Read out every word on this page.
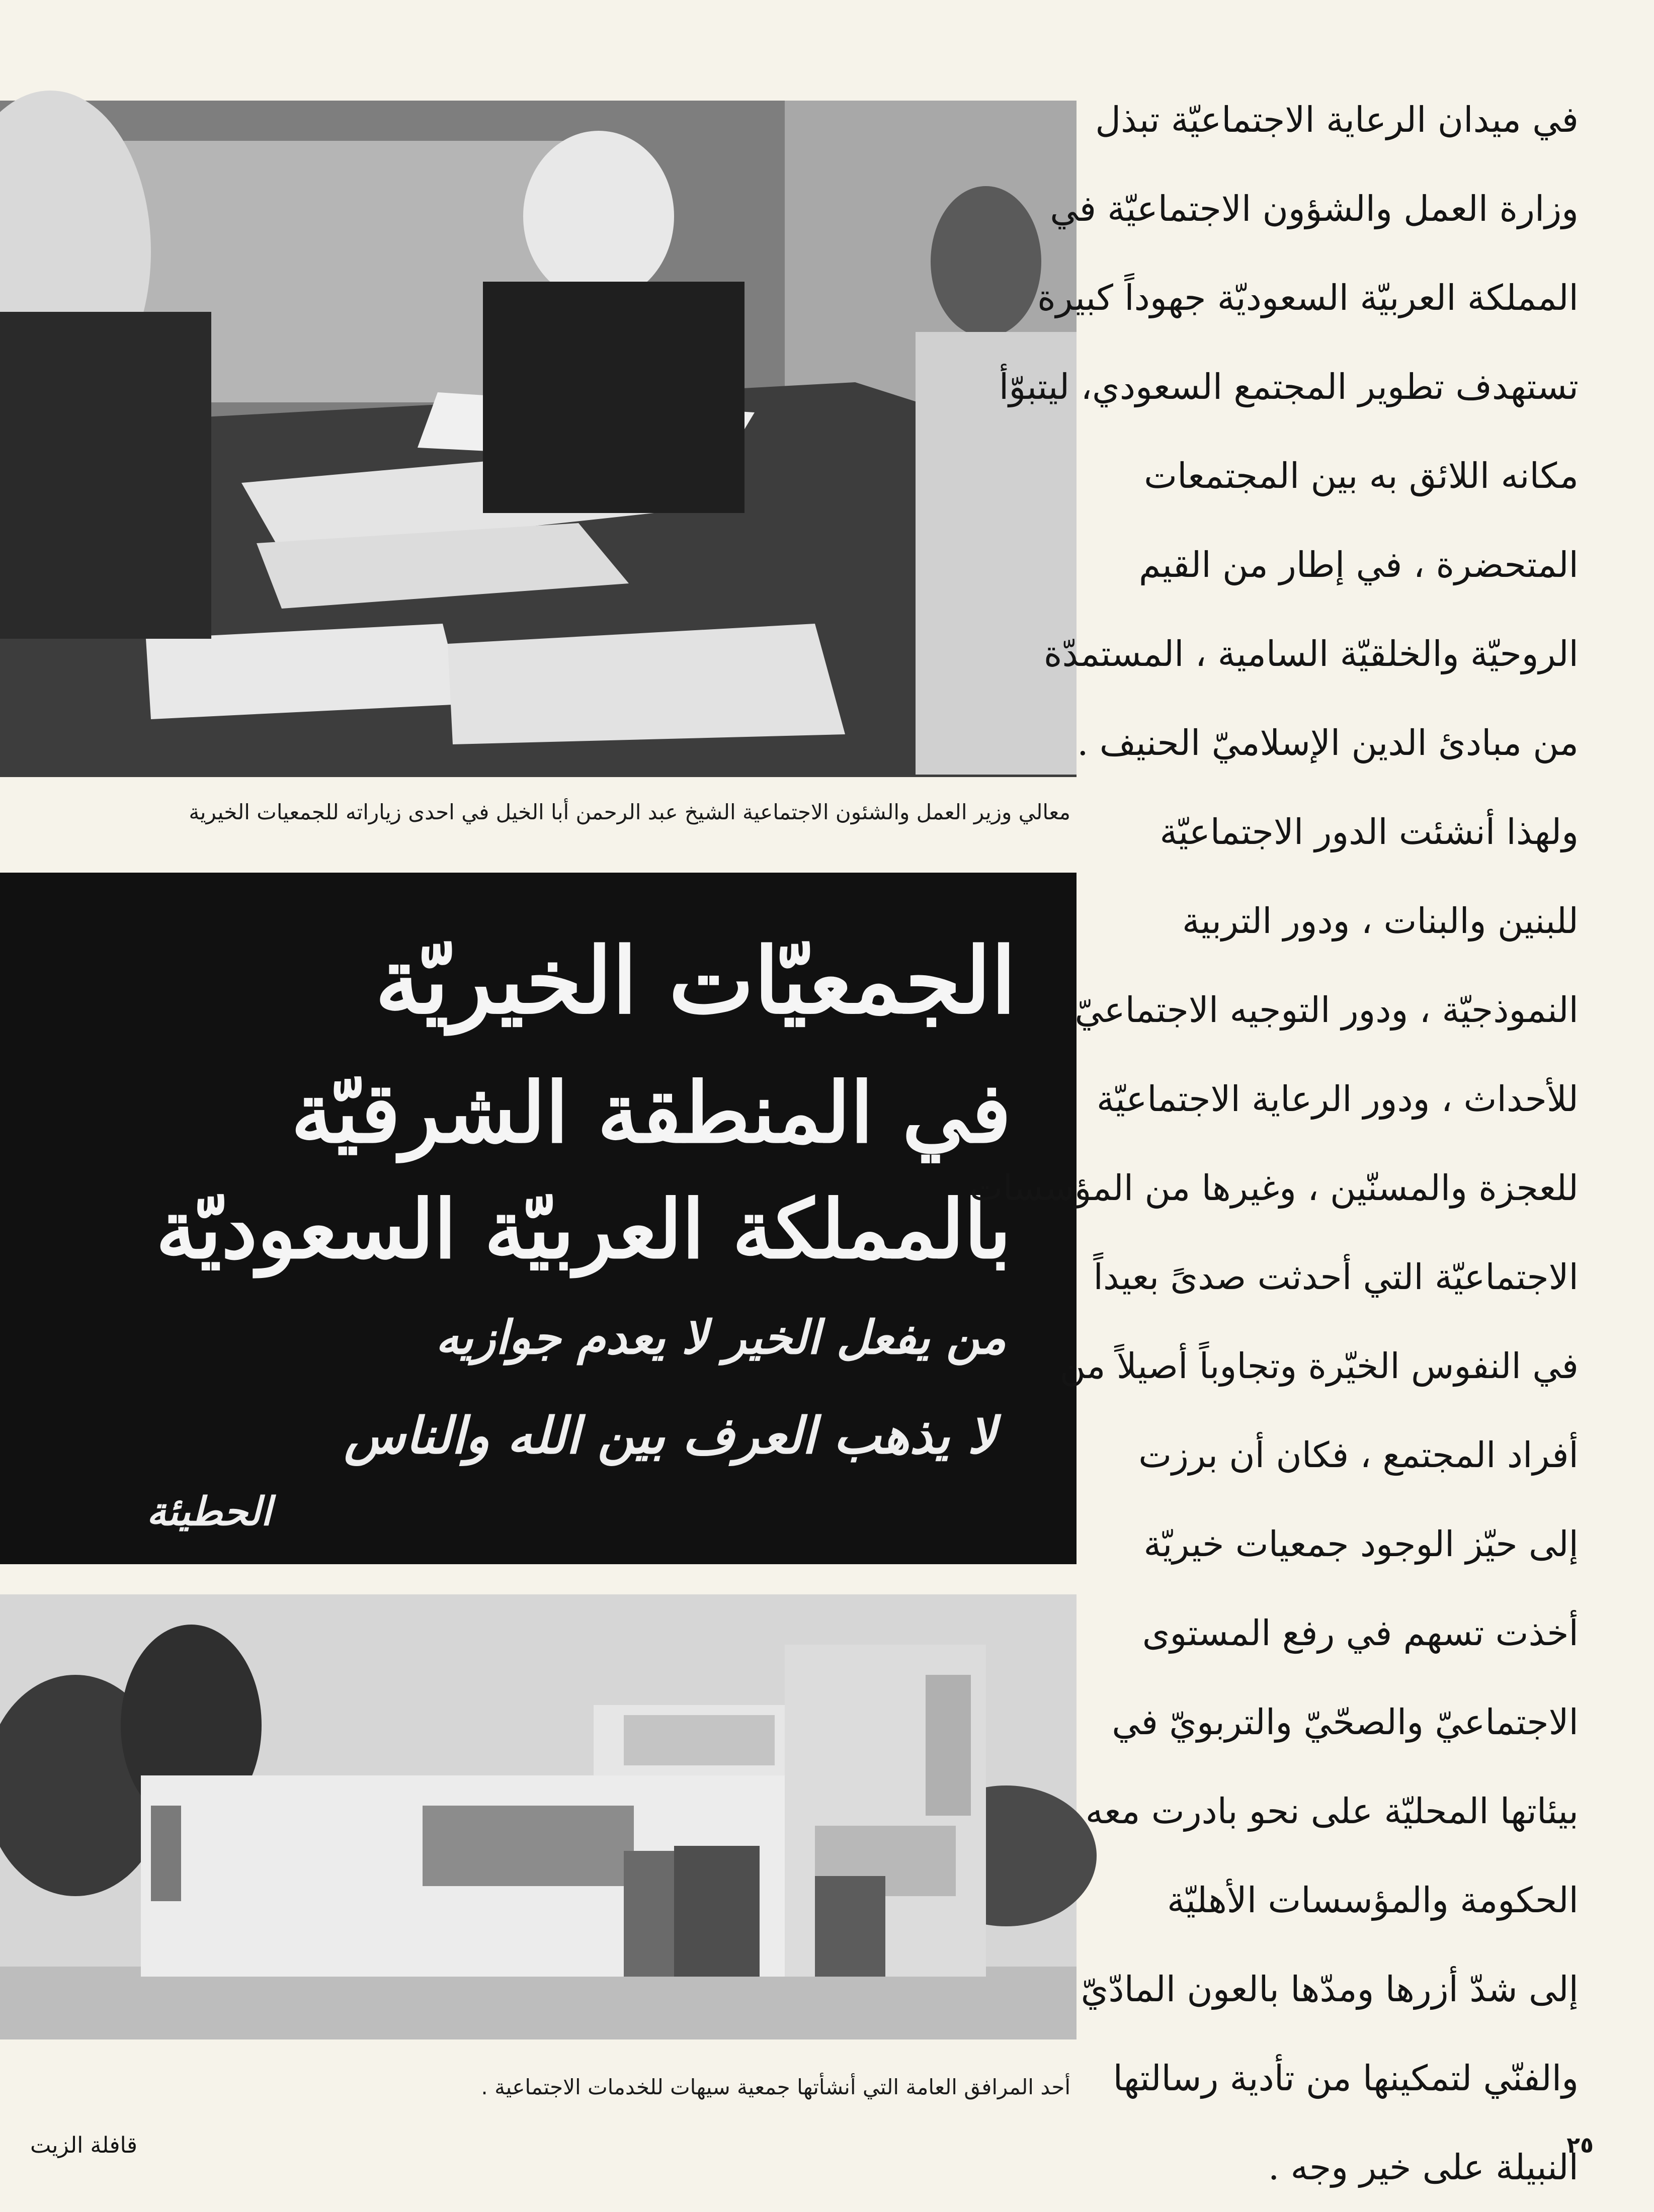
معالي وزير العمل والشئون الاجتماعية الشيخ عبد الرحمن أبا الخيل في احدى زياراته للجمعيات الخيرية
الجمعيّات الخيريّة
في المنطقة الشرقيّة
بالمملكة العربيّة السعوديّة
من يفعل الخير لا يعدم جوازيه
لا يذهب العرف بين الله والناس
الحطيئة
أحد المرافق العامة التي أنشأتها جمعية سيهات للخدمات الاجتماعية .
في ميدان الرعاية الاجتماعيّة تبذل
وزارة العمل والشؤون الاجتماعيّة في
المملكة العربيّة السعوديّة جهوداً كبيرة
تستهدف تطوير المجتمع السعودي، ليتبوّأ
مكانه اللائق به بين المجتمعات
المتحضرة ، في إطار من القيم
الروحيّة والخلقيّة السامية ، المستمدّة
من مبادئ الدين الإسلاميّ الحنيف .
ولهذا أنشئت الدور الاجتماعيّة
للبنين والبنات ، ودور التربية
النموذجيّة ، ودور التوجيه الاجتماعيّ
للأحداث ، ودور الرعاية الاجتماعيّة
للعجزة والمسنّين ، وغيرها من المؤسسات
الاجتماعيّة التي أحدثت صدىً بعيداً
في النفوس الخيّرة وتجاوباً أصيلاً من
أفراد المجتمع ، فكان أن برزت
إلى حيّز الوجود جمعيات خيريّة
أخذت تسهم في رفع المستوى
الاجتماعيّ والصحّيّ والتربويّ في
بيئاتها المحليّة على نحو بادرت معه
الحكومة والمؤسسات الأهليّة
إلى شدّ أزرها ومدّها بالعون المادّيّ
والفنّي لتمكينها من تأدية رسالتها
النبيلة على خير وجه .
٢٥
قافلة الزيت
